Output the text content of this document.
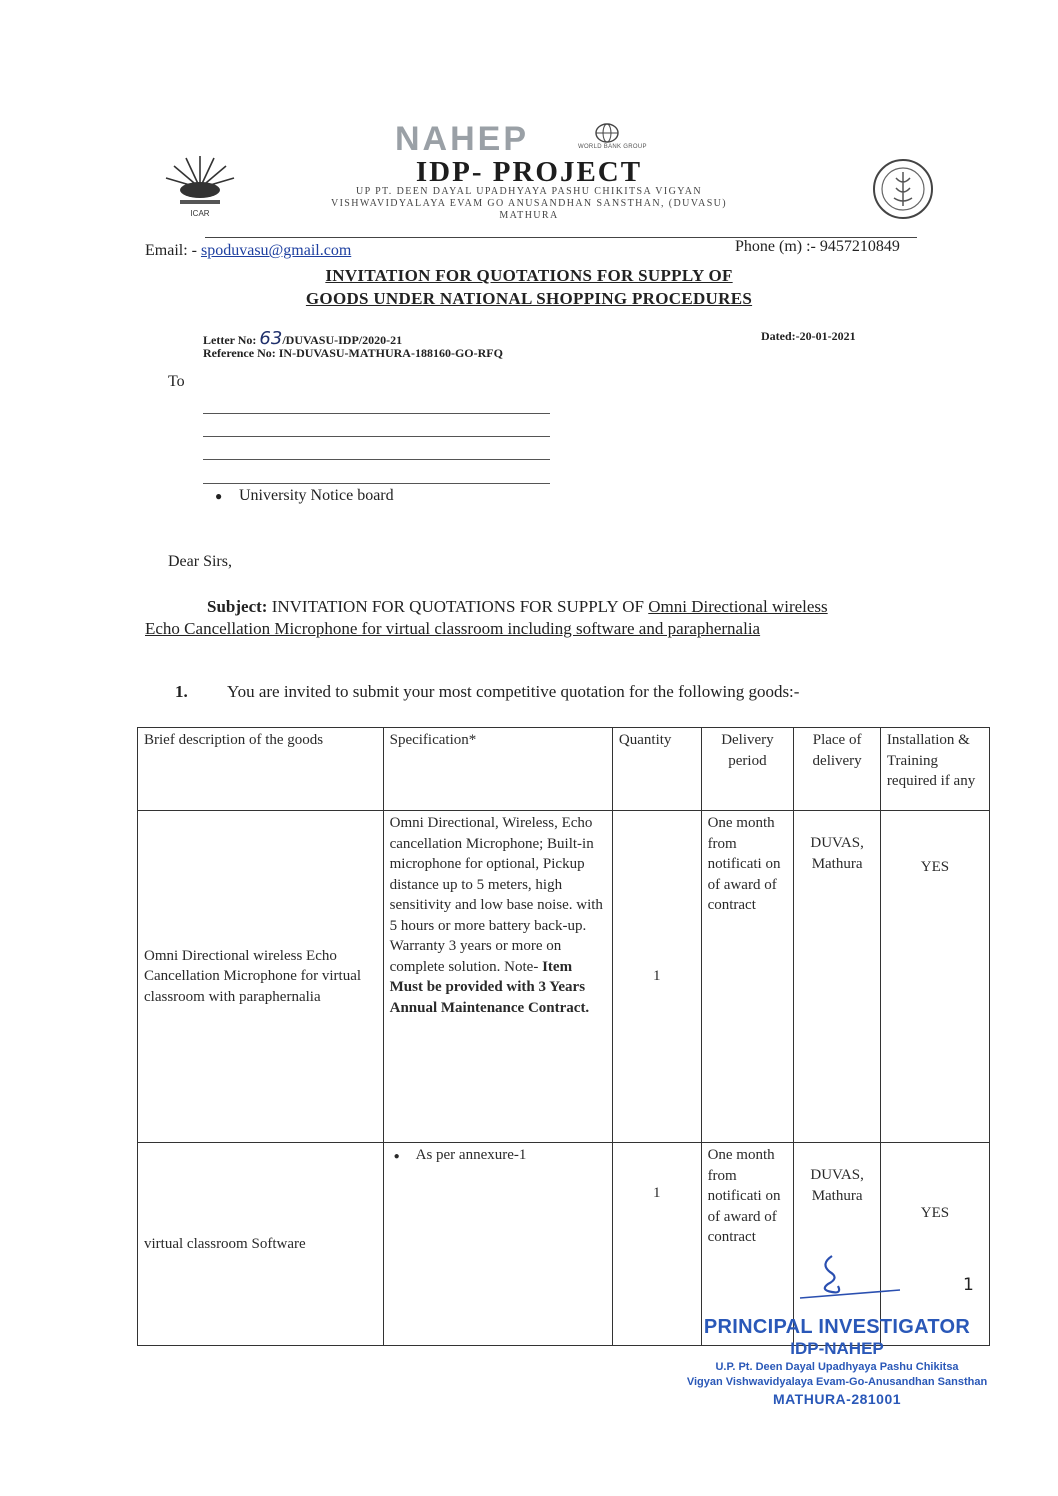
ICAR
NAHEP	WORLD BANK GROUP
IDP- PROJECT
UP PT. DEEN DAYAL UPADHYAYA PASHU CHIKITSA VIGYAN
VISHWAVIDYALAYA EVAM GO ANUSANDHAN SANSTHAN, (DUVASU)
MATHURA
Email: - spoduvasu@gmail.com	Phone (m) :- 9457210849
INVITATION FOR QUOTATIONS FOR SUPPLY OF
GOODS UNDER NATIONAL SHOPPING PROCEDURES
Letter No: 63/DUVASU-IDP/2020-21
Reference No: IN-DUVASU-MATHURA-188160-GO-RFQ
Dated:-20-01-2021
To
● University Notice board
Dear Sirs,
Subject: INVITATION FOR QUOTATIONS FOR SUPPLY OF Omni Directional wireless
Echo Cancellation Microphone for virtual classroom including software and paraphernalia
1. You are invited to submit your most competitive quotation for the following goods:-
Brief description of the goods	Specification*	Quantity	Delivery period	Place of delivery	Installation & Training required if any
Omni Directional wireless Echo Cancellation Microphone for virtual classroom with paraphernalia	Omni Directional, Wireless, Echo cancellation Microphone; Built-in microphone for optional, Pickup distance up to 5 meters, high sensitivity and low base noise. with 5 hours or more battery back-up. Warranty 3 years or more on complete solution. Note- Item Must be provided with 3 Years Annual Maintenance Contract.	1	One month from notificati on of award of contract	DUVAS, Mathura	YES
virtual classroom Software	● As per annexure-1	1	One month from notificati on of award of contract	DUVAS, Mathura	YES
1
PRINCIPAL INVESTIGATOR
IDP-NAHEP
U.P. Pt. Deen Dayal Upadhyaya Pashu Chikitsa
Vigyan Vishwavidyalaya Evam-Go-Anusandhan Sansthan
MATHURA-281001
